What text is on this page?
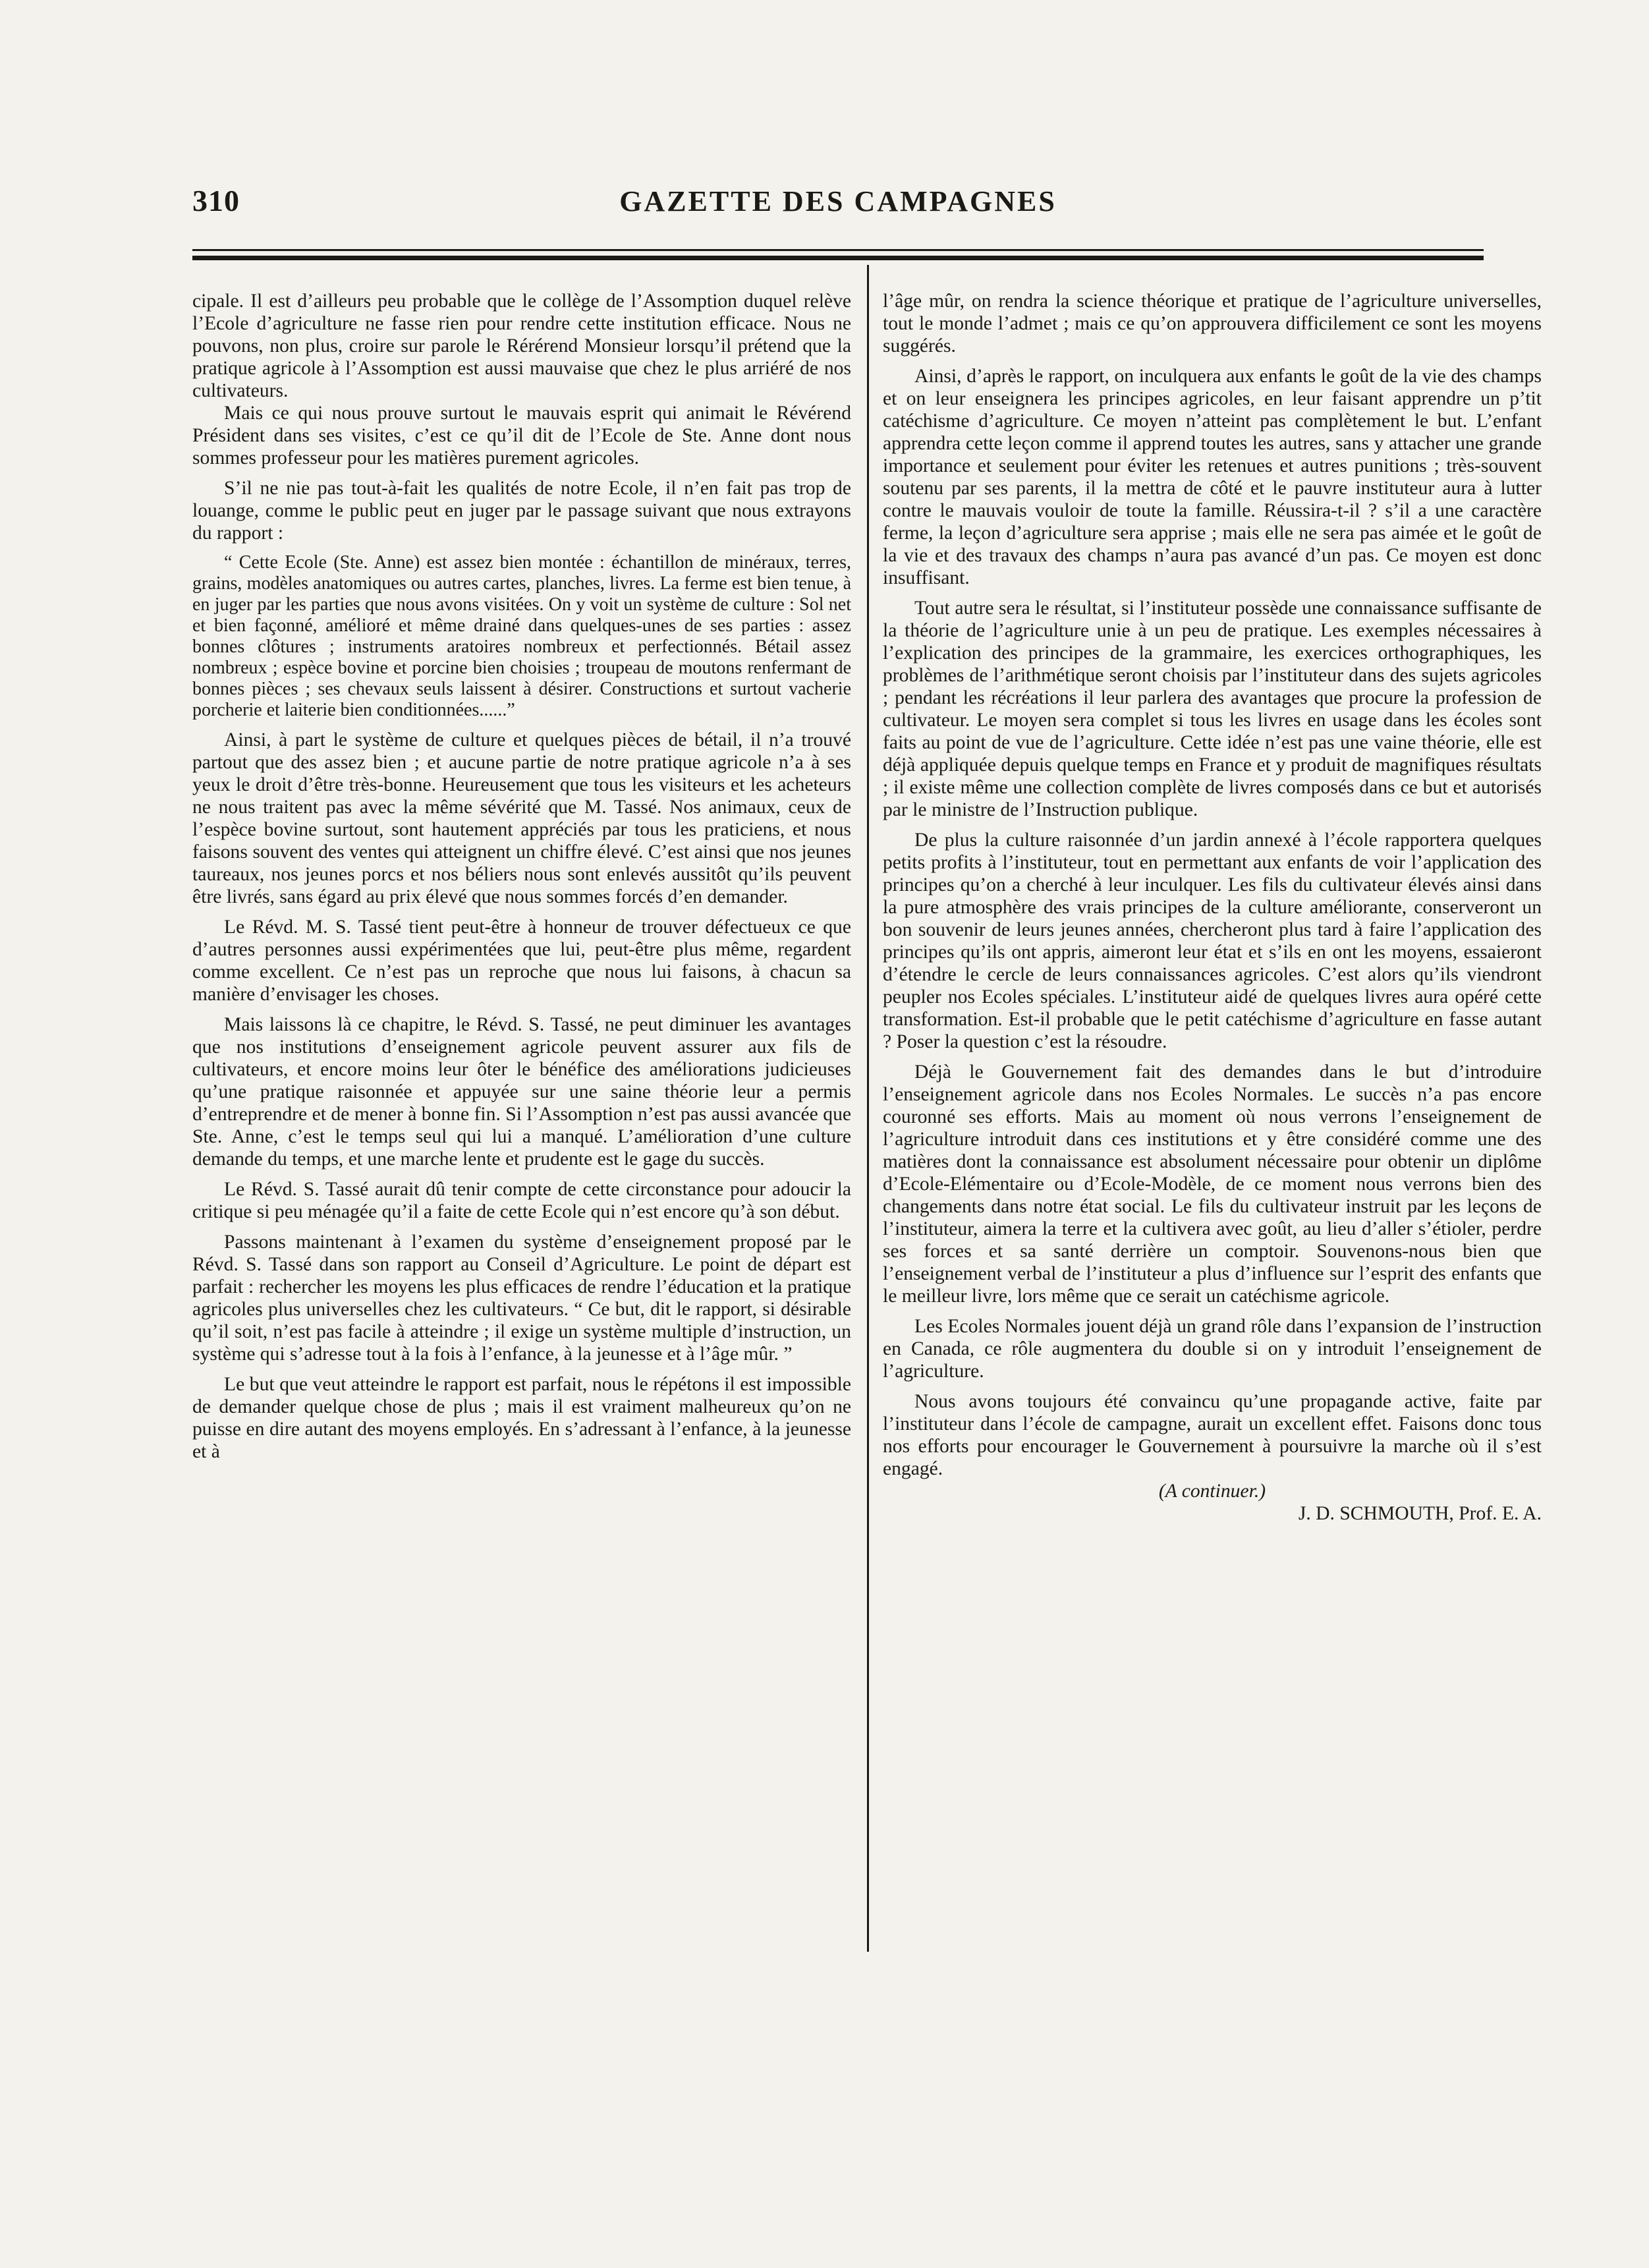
310	GAZETTE DES CAMPAGNES

cipale. Il est d’ailleurs peu probable que le collège de l’Assomption duquel relève l’Ecole d’agriculture ne fasse rien pour rendre cette institution efficace. Nous ne pouvons, non plus, croire sur parole le Rérérend Monsieur lorsqu’il prétend que la pratique agricole à l’Assomption est aussi mauvaise que chez le plus arriéré de nos cultivateurs.

Mais ce qui nous prouve surtout le mauvais esprit qui animait le Révérend Président dans ses visites, c’est ce qu’il dit de l’Ecole de Ste. Anne dont nous sommes professeur pour les matières purement agricoles.

S’il ne nie pas tout-à-fait les qualités de notre Ecole, il n’en fait pas trop de louange, comme le public peut en juger par le passage suivant que nous extrayons du rapport :

“ Cette Ecole (Ste. Anne) est assez bien montée : échantillon de minéraux, terres, grains, modèles anatomiques ou autres cartes, planches, livres. La ferme est bien tenue, à en juger par les parties que nous avons visitées. On y voit un système de culture : Sol net et bien façonné, amélioré et même drainé dans quelques-unes de ses parties : assez bonnes clôtures ; instruments aratoires nombreux et perfectionnés. Bétail assez nombreux ; espèce bovine et porcine bien choisies ; troupeau de moutons renfermant de bonnes pièces ; ses chevaux seuls laissent à désirer. Constructions et surtout vacherie porcherie et laiterie bien conditionnées......”

Ainsi, à part le système de culture et quelques pièces de bétail, il n’a trouvé partout que des assez bien ; et aucune partie de notre pratique agricole n’a à ses yeux le droit d’être très-bonne. Heureusement que tous les visiteurs et les acheteurs ne nous traitent pas avec la même sévérité que M. Tassé. Nos animaux, ceux de l’espèce bovine surtout, sont hautement appréciés par tous les praticiens, et nous faisons souvent des ventes qui atteignent un chiffre élevé. C’est ainsi que nos jeunes taureaux, nos jeunes porcs et nos béliers nous sont enlevés aussitôt qu’ils peuvent être livrés, sans égard au prix élevé que nous sommes forcés d’en demander.

Le Révd. M. S. Tassé tient peut-être à honneur de trouver défectueux ce que d’autres personnes aussi expérimentées que lui, peut-être plus même, regardent comme excellent. Ce n’est pas un reproche que nous lui faisons, à chacun sa manière d’envisager les choses.

Mais laissons là ce chapitre, le Révd. S. Tassé, ne peut diminuer les avantages que nos institutions d’enseignement agricole peuvent assurer aux fils de cultivateurs, et encore moins leur ôter le bénéfice des améliorations judicieuses qu’une pratique raisonnée et appuyée sur une saine théorie leur a permis d’entreprendre et de mener à bonne fin. Si l’Assomption n’est pas aussi avancée que Ste. Anne, c’est le temps seul qui lui a manqué. L’amélioration d’une culture demande du temps, et une marche lente et prudente est le gage du succès.

Le Révd. S. Tassé aurait dû tenir compte de cette circonstance pour adoucir la critique si peu ménagée qu’il a faite de cette Ecole qui n’est encore qu’à son début.

Passons maintenant à l’examen du système d’enseignement proposé par le Révd. S. Tassé dans son rapport au Conseil d’Agriculture. Le point de départ est parfait : rechercher les moyens les plus efficaces de rendre l’éducation et la pratique agricoles plus universelles chez les cultivateurs. “ Ce but, dit le rapport, si désirable qu’il soit, n’est pas facile à atteindre ; il exige un système multiple d’instruction, un système qui s’adresse tout à la fois à l’enfance, à la jeunesse et à l’âge mûr. ”

Le but que veut atteindre le rapport est parfait, nous le répétons il est impossible de demander quelque chose de plus ; mais il est vraiment malheureux qu’on ne puisse en dire autant des moyens employés. En s’adressant à l’enfance, à la jeunesse et à

l’âge mûr, on rendra la science théorique et pratique de l’agriculture universelles, tout le monde l’admet ; mais ce qu’on approuvera difficilement ce sont les moyens suggérés.

Ainsi, d’après le rapport, on inculquera aux enfants le goût de la vie des champs et on leur enseignera les principes agricoles, en leur faisant apprendre un p’tit catéchisme d’agriculture. Ce moyen n’atteint pas complètement le but. L’enfant apprendra cette leçon comme il apprend toutes les autres, sans y attacher une grande importance et seulement pour éviter les retenues et autres punitions ; très-souvent soutenu par ses parents, il la mettra de côté et le pauvre instituteur aura à lutter contre le mauvais vouloir de toute la famille. Réussira-t-il ? s’il a une caractère ferme, la leçon d’agriculture sera apprise ; mais elle ne sera pas aimée et le goût de la vie et des travaux des champs n’aura pas avancé d’un pas. Ce moyen est donc insuffisant.

Tout autre sera le résultat, si l’instituteur possède une connaissance suffisante de la théorie de l’agriculture unie à un peu de pratique. Les exemples nécessaires à l’explication des principes de la grammaire, les exercices orthographiques, les problèmes de l’arithmétique seront choisis par l’instituteur dans des sujets agricoles ; pendant les récréations il leur parlera des avantages que procure la profession de cultivateur. Le moyen sera complet si tous les livres en usage dans les écoles sont faits au point de vue de l’agriculture. Cette idée n’est pas une vaine théorie, elle est déjà appliquée depuis quelque temps en France et y produit de magnifiques résultats ; il existe même une collection complète de livres composés dans ce but et autorisés par le ministre de l’Instruction publique.

De plus la culture raisonnée d’un jardin annexé à l’école rapportera quelques petits profits à l’instituteur, tout en permettant aux enfants de voir l’application des principes qu’on a cherché à leur inculquer. Les fils du cultivateur élevés ainsi dans la pure atmosphère des vrais principes de la culture améliorante, conserveront un bon souvenir de leurs jeunes années, chercheront plus tard à faire l’application des principes qu’ils ont appris, aimeront leur état et s’ils en ont les moyens, essaieront d’étendre le cercle de leurs connaissances agricoles. C’est alors qu’ils viendront peupler nos Ecoles spéciales. L’instituteur aidé de quelques livres aura opéré cette transformation. Est-il probable que le petit catéchisme d’agriculture en fasse autant ? Poser la question c’est la résoudre.

Déjà le Gouvernement fait des demandes dans le but d’introduire l’enseignement agricole dans nos Ecoles Normales. Le succès n’a pas encore couronné ses efforts. Mais au moment où nous verrons l’enseignement de l’agriculture introduit dans ces institutions et y être considéré comme une des matières dont la connaissance est absolument nécessaire pour obtenir un diplôme d’Ecole-Elémentaire ou d’Ecole-Modèle, de ce moment nous verrons bien des changements dans notre état social. Le fils du cultivateur instruit par les leçons de l’instituteur, aimera la terre et la cultivera avec goût, au lieu d’aller s’étioler, perdre ses forces et sa santé derrière un comptoir. Souvenons-nous bien que l’enseignement verbal de l’instituteur a plus d’influence sur l’esprit des enfants que le meilleur livre, lors même que ce serait un catéchisme agricole.

Les Ecoles Normales jouent déjà un grand rôle dans l’expansion de l’instruction en Canada, ce rôle augmentera du double si on y introduit l’enseignement de l’agriculture.

Nous avons toujours été convaincu qu’une propagande active, faite par l’instituteur dans l’école de campagne, aurait un excellent effet. Faisons donc tous nos efforts pour encourager le Gouvernement à poursuivre la marche où il s’est engagé.

(A continuer.)

J. D. SCHMOUTH, Prof. E. A.
